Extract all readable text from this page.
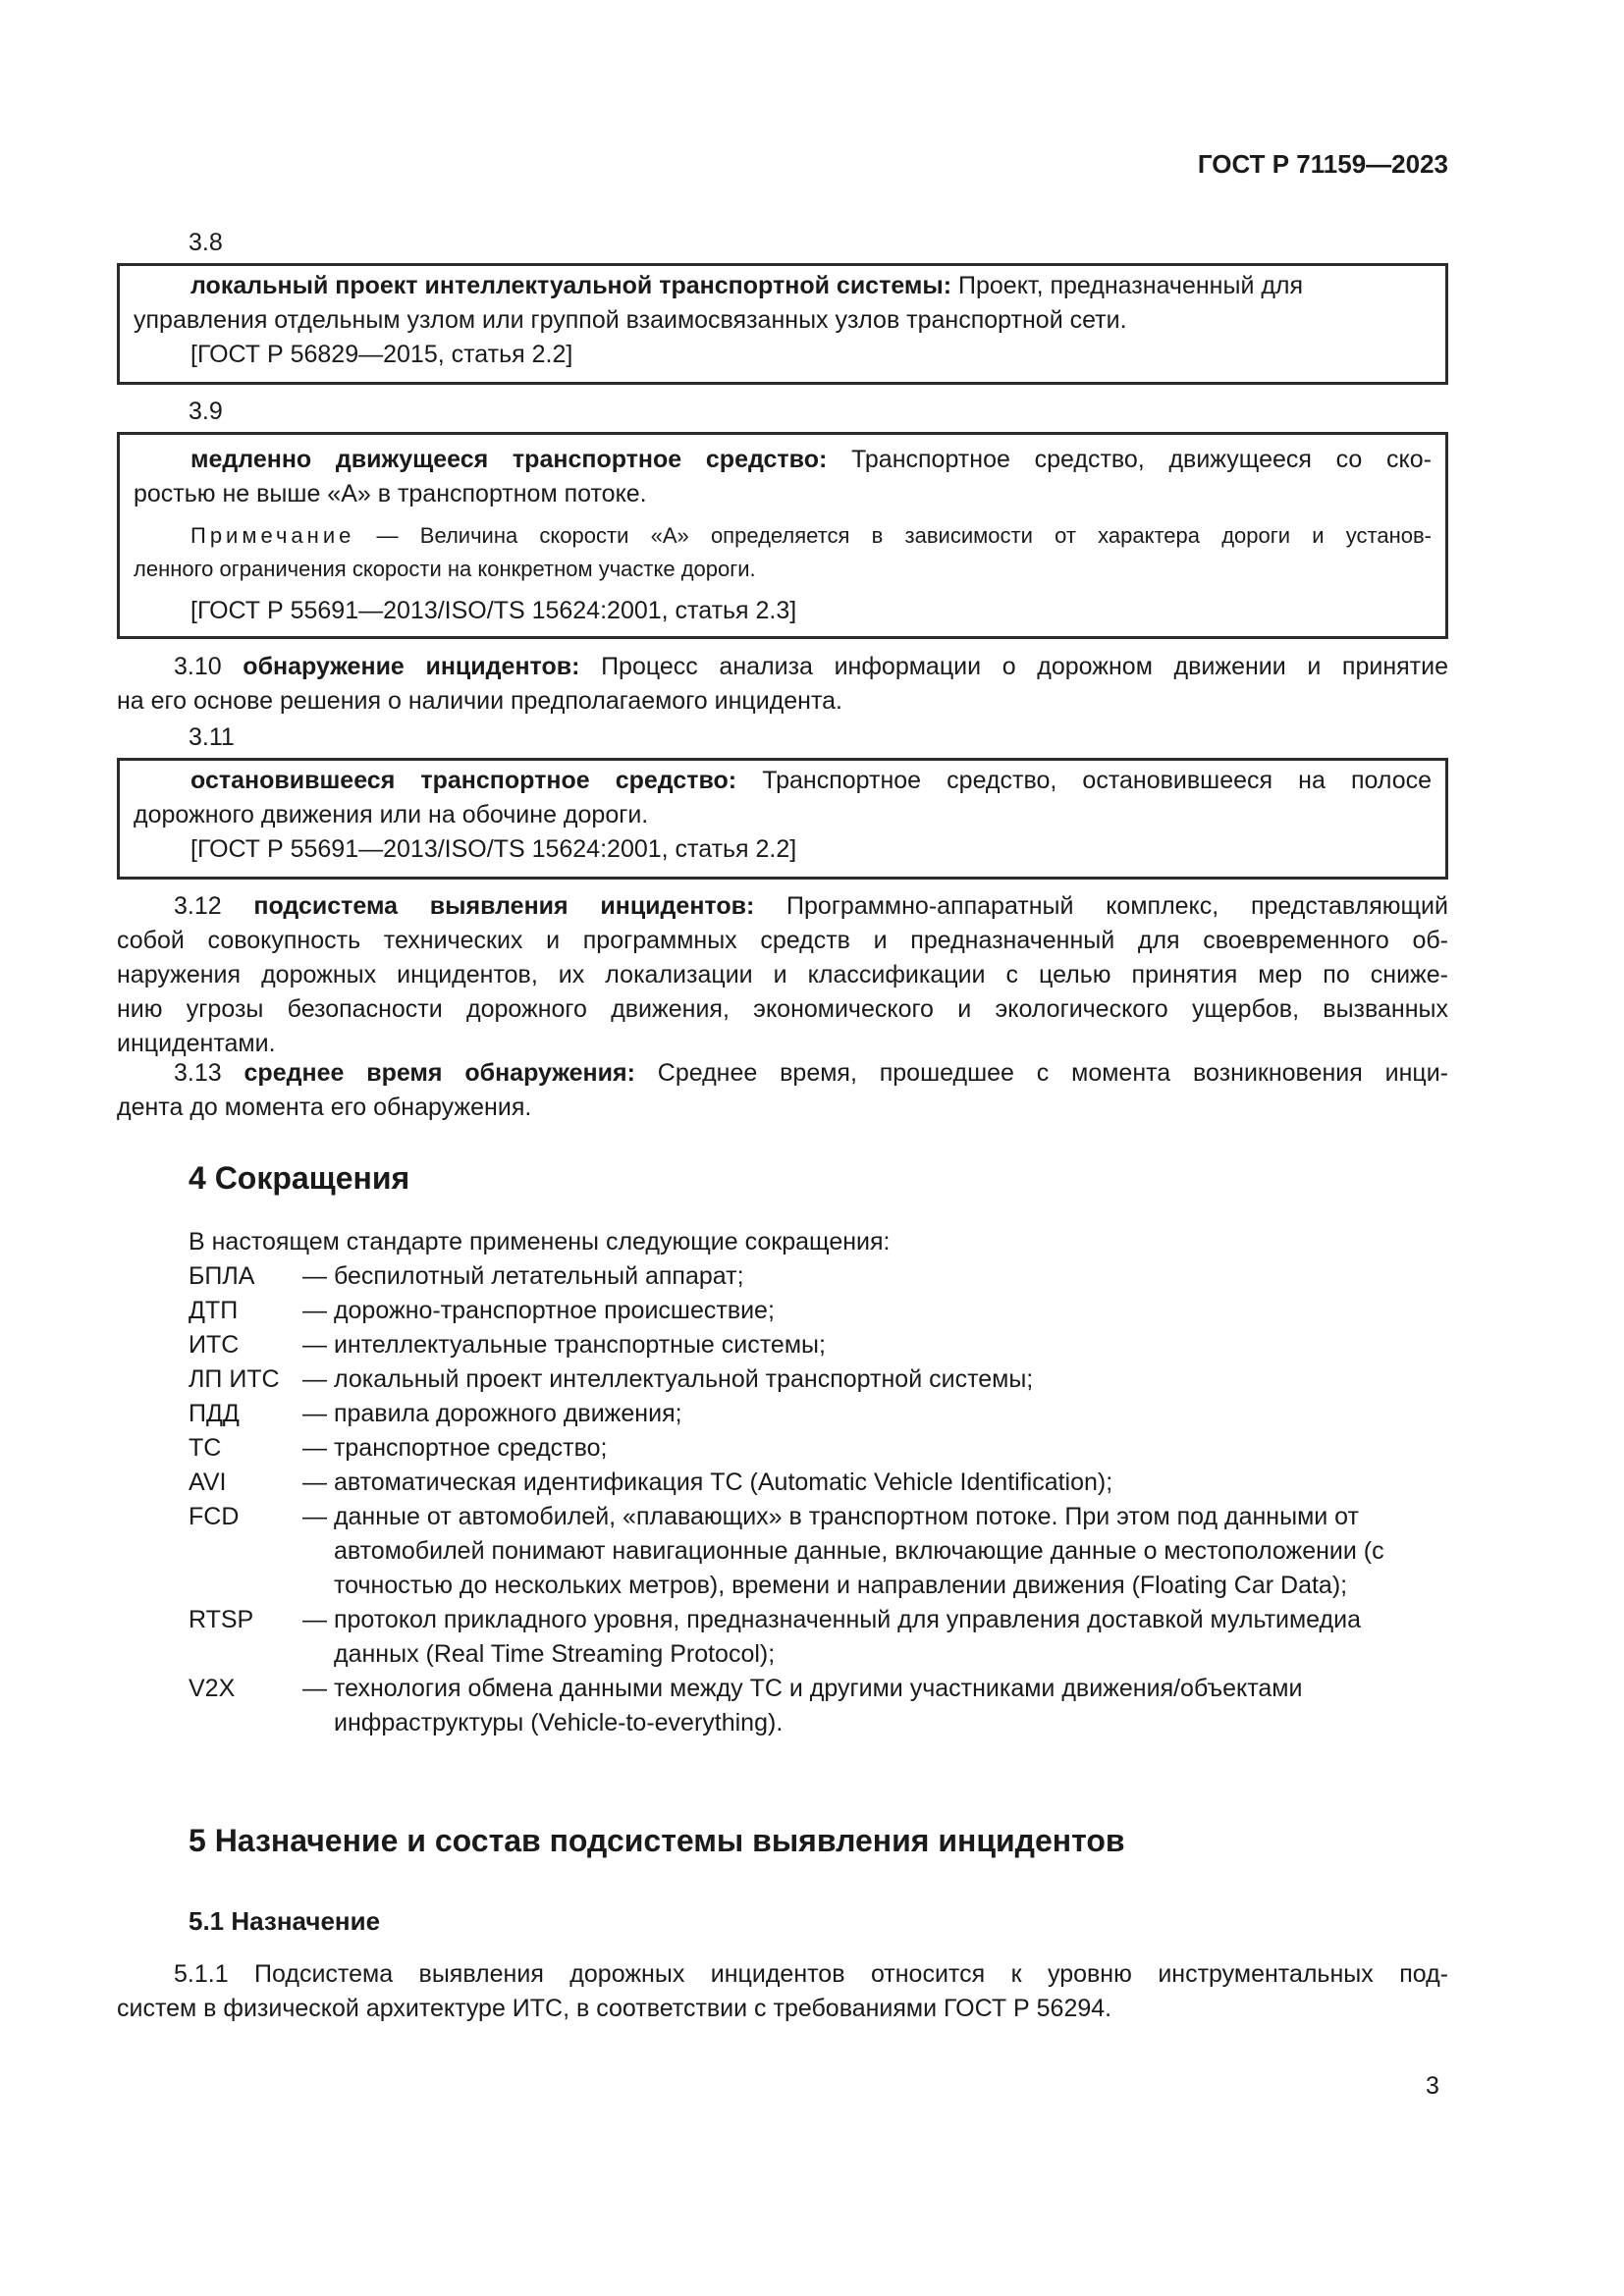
ГОСТ Р 71159—2023
3.8
локальный проект интеллектуальной транспортной системы: Проект, предназначенный для
управления отдельным узлом или группой взаимосвязанных узлов транспортной сети.
[ГОСТ Р 56829—2015, статья 2.2]
3.9
медленно движущееся транспортное средство: Транспортное средство, движущееся со ско-
ростью не выше «А» в транспортном потоке.
Примечание — Величина скорости «А» определяется в зависимости от характера дороги и установ-
ленного ограничения скорости на конкретном участке дороги.
[ГОСТ Р 55691—2013/ISO/TS 15624:2001, статья 2.3]
3.10 обнаружение инцидентов: Процесс анализа информации о дорожном движении и принятие
на его основе решения о наличии предполагаемого инцидента.
3.11
остановившееся транспортное средство: Транспортное средство, остановившееся на полосе
дорожного движения или на обочине дороги.
[ГОСТ Р 55691—2013/ISO/TS 15624:2001, статья 2.2]
3.12 подсистема выявления инцидентов: Программно-аппаратный комплекс, представляющий
собой совокупность технических и программных средств и предназначенный для своевременного об-
наружения дорожных инцидентов, их локализации и классификации с целью принятия мер по сниже-
нию угрозы безопасности дорожного движения, экономического и экологического ущербов, вызванных
инцидентами.
3.13 среднее время обнаружения: Среднее время, прошедшее с момента возникновения инци-
дента до момента его обнаружения.
4 Сокращения
В настоящем стандарте применены следующие сокращения:
БПЛА	— беспилотный летательный аппарат;
ДТП	— дорожно-транспортное происшествие;
ИТС	— интеллектуальные транспортные системы;
ЛП ИТС — локальный проект интеллектуальной транспортной системы;
ПДД	— правила дорожного движения;
ТС	— транспортное средство;
AVI	— автоматическая идентификация ТС (Automatic Vehicle Identification);
FCD	— данные от автомобилей, «плавающих» в транспортном потоке. При этом под данными от автомобилей понимают навигационные данные, включающие данные о местоположении (с точностью до нескольких метров), времени и направлении движения (Floating Car Data);
RTSP	— протокол прикладного уровня, предназначенный для управления доставкой мультимедиа данных (Real Time Streaming Protocol);
V2X	— технология обмена данными между ТС и другими участниками движения/объектами инфраструктуры (Vehicle-to-everything).
5 Назначение и состав подсистемы выявления инцидентов
5.1 Назначение
5.1.1 Подсистема выявления дорожных инцидентов относится к уровню инструментальных под-
систем в физической архитектуре ИТС, в соответствии с требованиями ГОСТ Р 56294.
3
